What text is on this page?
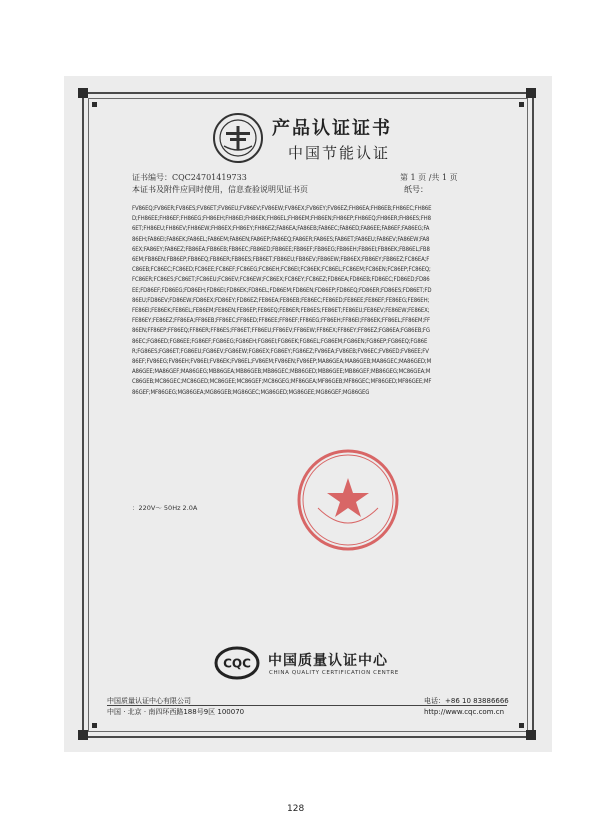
产品认证证书
中国节能认证
证书编号：CQC24701419733	第 1 页 /共 1 页
本证书及附件应同时使用，信息查验说明见证书页	纸号：
FV86EQ;FV86ER;FV86ES;FV86ET;FV86EU;FV86EV;FV86EW;FV86EX;FV86EY;FV86EZ;FH86EA;FH86EB;FH86EC;FH86ED;FH86EE;FH86EF;FH86EG;FH86EH;FH86EI;FH86EK;FH86EL;FH86EM;FH86EN;FH86EP;FH86EQ;FH86ER;FH86ES;FH86ET;FH86EU;FH86EV;FH86EW;FH86EX;FH86EY;FH86EZ;FA86EA;FA86EB;FA86EC;FA86ED;FA86EE;FA86EF;FA86EG;FA86EH;FA86EI;FA86EK;FA86EL;FA86EM;FA86EN;FA86EP;FA86EQ;FA86ER;FA86ES;FA86ET;FA86EU;FA86EV;FA86EW;FA86EX;FA86EY;FA86EZ;FB86EA;FB86EB;FB86EC;FB86ED;FB86EE;FB86EF;FB86EG;FB86EH;FB86EI;FB86EK;FB86EL;FB86EM;FB86EN;FB86EP;FB86EQ;FB86ER;FB86ES;FB86ET;FB86EU;FB86EV;FB86EW;FB86EX;FB86EY;FB86EZ;FC86EA;FC86EB;FC86EC;FC86ED;FC86EE;FC86EF;FC86EG;FC86EH;FC86EI;FC86EK;FC86EL;FC86EM;FC86EN;FC86EP;FC86EQ;FC86ER;FC86ES;FC86ET;FC86EU;FC86EV;FC86EW;FC86EX;FC86EY;FC86EZ;FD86EA;FD86EB;FD86EC;FD86ED;FD86EE;FD86EF;FD86EG;FD86EH;FD86EI;FD86EK;FD86EL;FD86EM;FD86EN;FD86EP;FD86EQ;FD86ER;FD86ES;FD86ET;FD86EU;FD86EV;FD86EW;FD86EX;FD86EY;FD86EZ;FE86EA;FE86EB;FE86EC;FE86ED;FE86EE;FE86EF;FE86EG;FE86EH;FE86EI;FE86EK;FE86EL;FE86EM;FE86EN;FE86EP;FE86EQ;FE86ER;FE86ES;FE86ET;FE86EU;FE86EV;FE86EW;FE86EX;FE86EY;FE86EZ;FF86EA;FF86EB;FF86EC;FF86ED;FF86EE;FF86EF;FF86EG;FF86EH;FF86EI;FF86EK;FF86EL;FF86EM;FF86EN;FF86EP;FF86EQ;FF86ER;FF86ES;FF86ET;FF86EU;FF86EV;FF86EW;FF86EX;FF86EY;FF86EZ;FG86EA;FG86EB;FG86EC;FG86ED;FG86EE;FG86EF;FG86EG;FG86EH;FG86EI;FG86EK;FG86EL;FG86EM;FG86EN;FG86EP;FG86EQ;FG86ER;FG86ES;FG86ET;FG86EU;FG86EV;FG86EW;FG86EX;FG86EY;FG86EZ;FV86EA;FV86EB;FV86EC;FV86ED;FV86EE;FV86EF;FV86EG;FV86EH;FV86EI;FV86EK;FV86EL;FV86EM;FV86EN;FV86EP;MA86GEA;MA86GEB;MA86GEC;MA86GED;MA86GEE;MA86GEF;MA86GEG;MB86GEA;MB86GEB;MB86GEC;MB86GED;MB86GEE;MB86GEF;MB86GEG;MC86GEA;MC86GEB;MC86GEC;MC86GED;MC86GEE;MC86GEF;MC86GEG;MF86GEA;MF86GEB;MF86GEC;MF86GED;MF86GEE;MF86GEF;MF86GEG;MG86GEA;MG86GEB;MG86GEC;MG86GED;MG86GEE;MG86GEF;MG86GEG
：220V～ 50Hz 2.0A
CQC 中国质量认证中心
CHINA QUALITY CERTIFICATION CENTRE
中国质量认证中心有限公司
中国 · 北京 · 南四环西路188号9区 100070
电话：+86 10 83886666
http://www.cqc.com.cn
128
